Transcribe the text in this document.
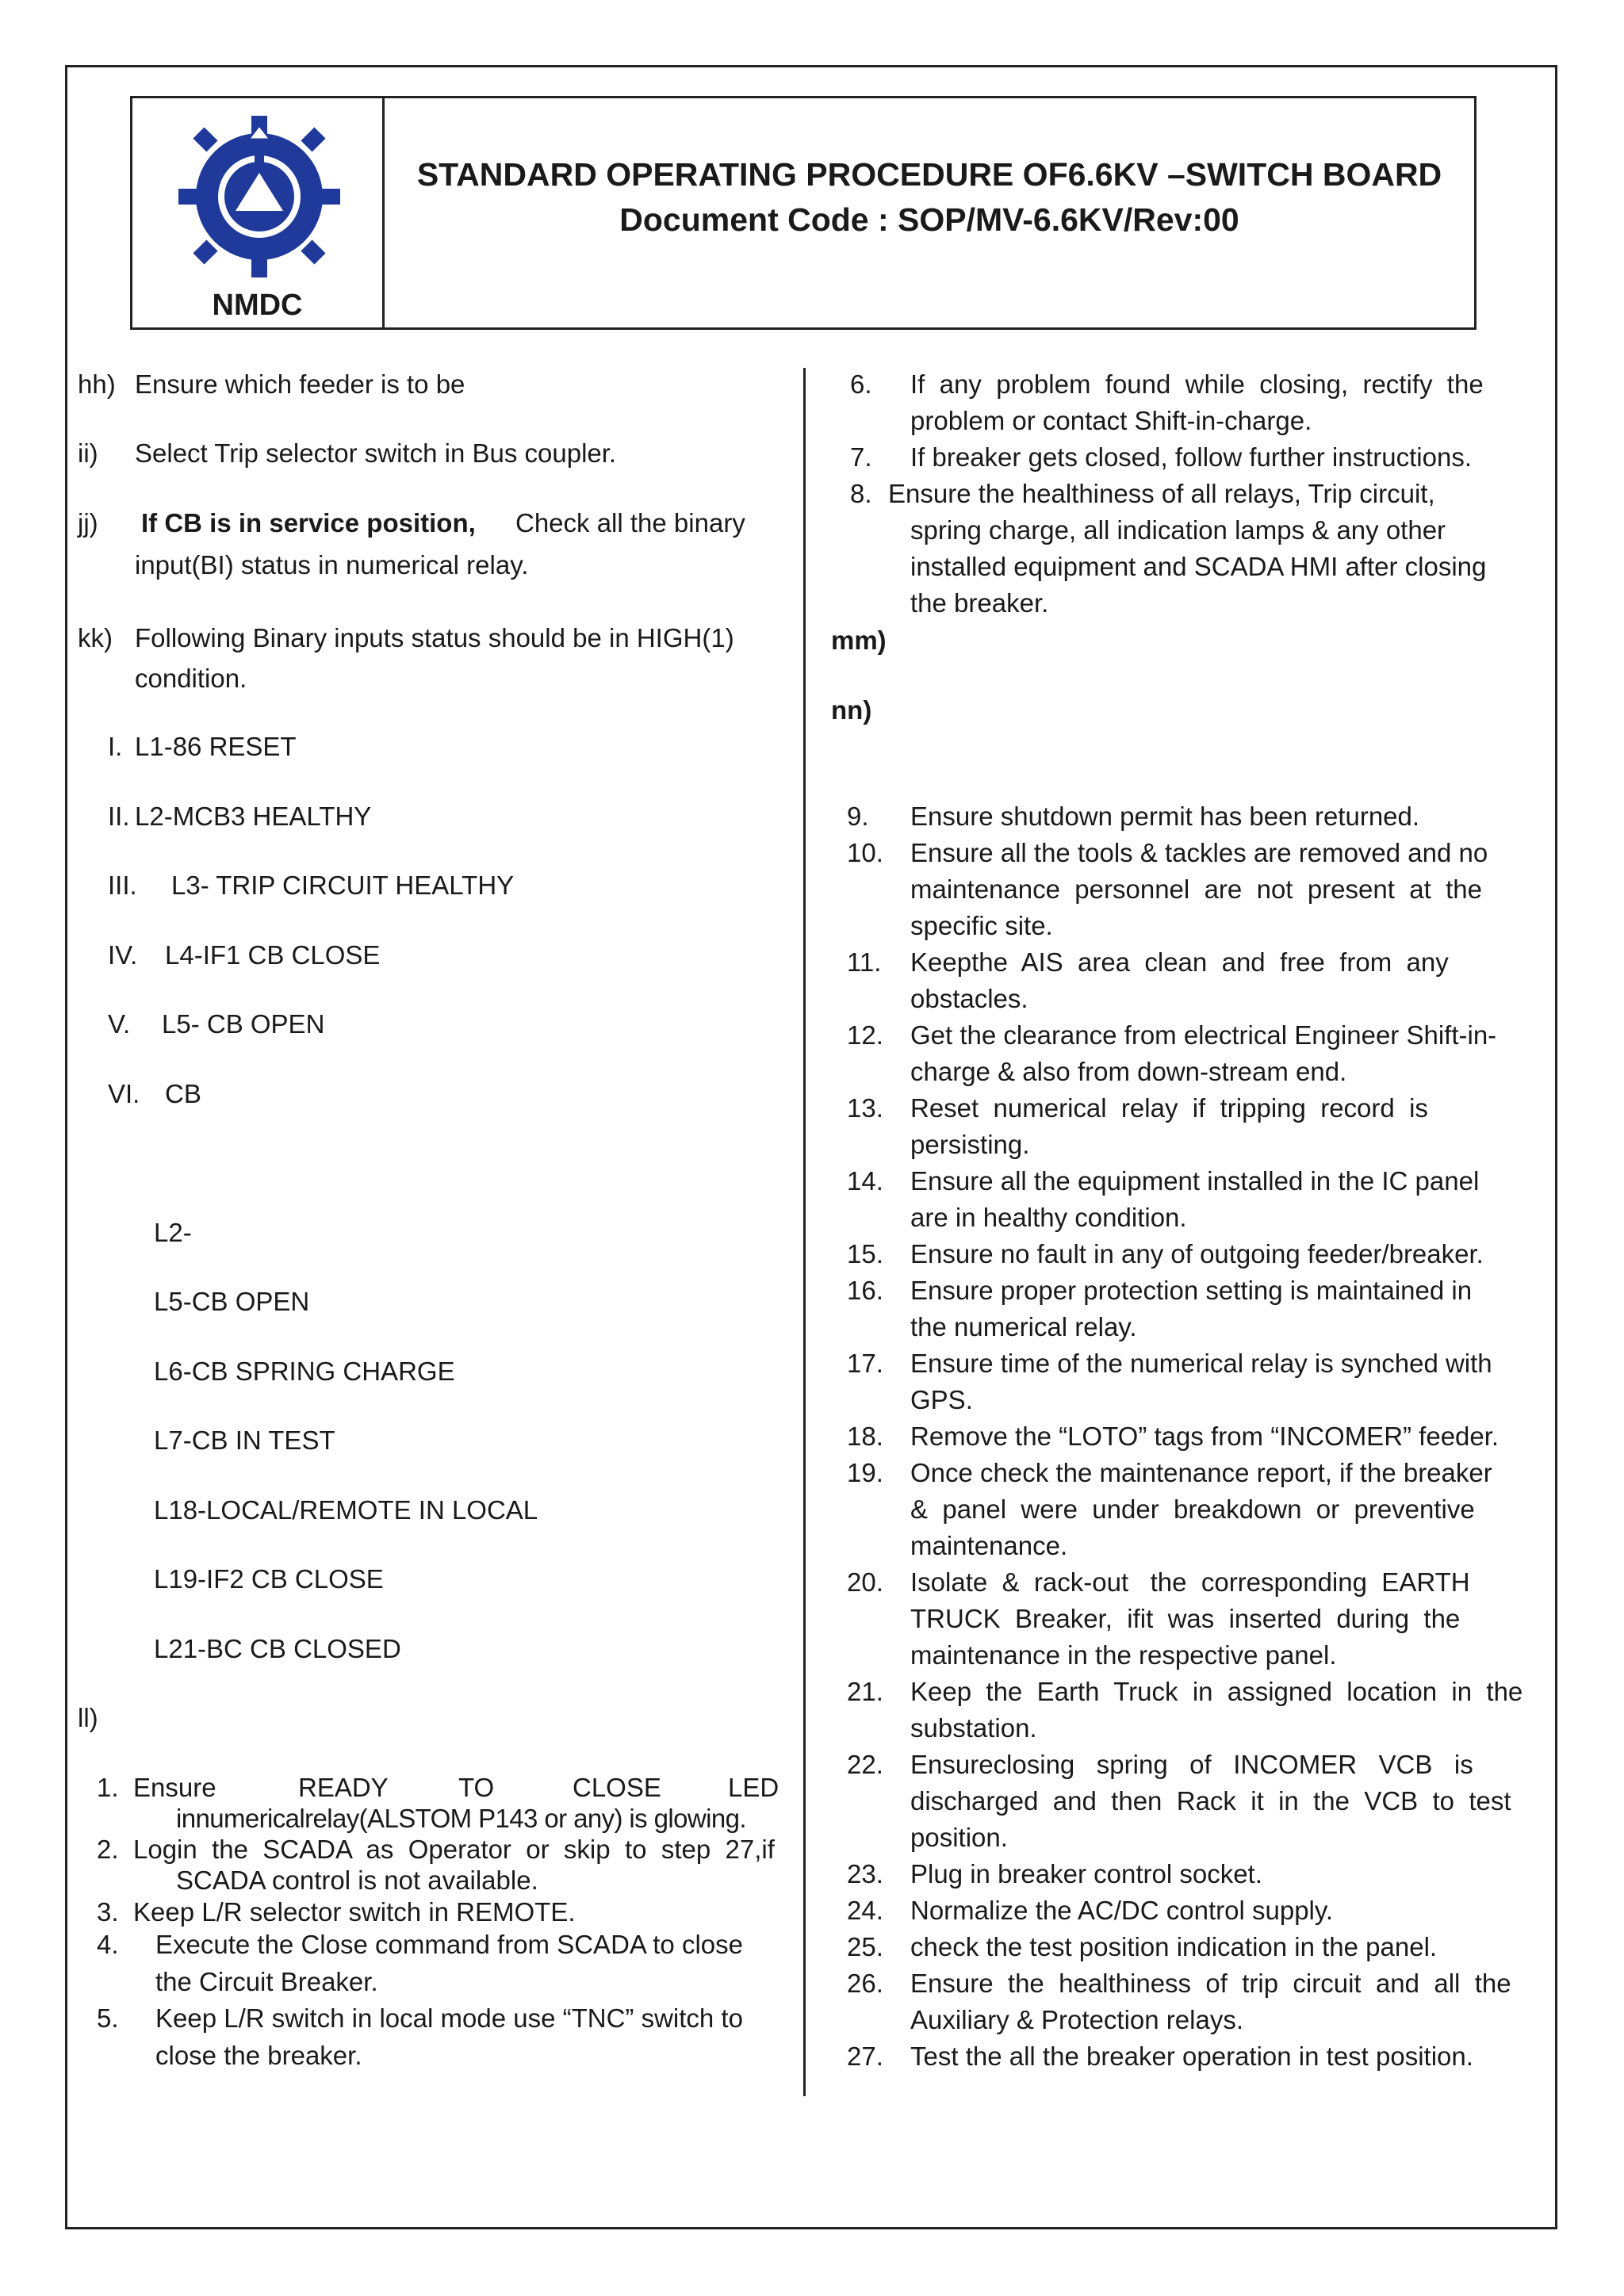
NMDC
STANDARD OPERATING PROCEDURE OF6.6KV –SWITCH BOARD
Document Code : SOP/MV-6.6KV/Rev:00
hh) Ensure which feeder is to be
ii) Select Trip selector switch in Bus coupler.
jj) If CB is in service position, Check all the binary
input(BI) status in numerical relay.
kk) Following Binary inputs status should be in HIGH(1)
condition.
I. L1-86 RESET
II. L2-MCB3 HEALTHY
III. L3- TRIP CIRCUIT HEALTHY
IV. L4-IF1 CB CLOSE
V. L5- CB OPEN
VI. CB
L2-
L5-CB OPEN
L6-CB SPRING CHARGE
L7-CB IN TEST
L18-LOCAL/REMOTE IN LOCAL
L19-IF2 CB CLOSE
L21-BC CB CLOSED
ll)
1. Ensure	READY	TO	CLOSE	LED
innumericalrelay(ALSTOM P143 or any) is glowing.
2. Login  the  SCADA  as  Operator  or  skip  to  step  27,if
SCADA control is not available.
3. Keep L/R selector switch in REMOTE.
4. Execute the Close command from SCADA to close
the Circuit Breaker.
5. Keep L/R switch in local mode use “TNC” switch to
close the breaker.
6. If  any  problem  found  while  closing,  rectify  the
problem or contact Shift-in-charge.
7. If breaker gets closed, follow further instructions.
8. Ensure the healthiness of all relays, Trip circuit,
spring charge, all indication lamps & any other
installed equipment and SCADA HMI after closing
the breaker.
mm)
nn)
9. Ensure shutdown permit has been returned.
10. Ensure all the tools & tackles are removed and no
maintenance  personnel  are  not  present  at  the
specific site.
11. Keepthe  AIS  area  clean  and  free  from  any
obstacles.
12. Get the clearance from electrical Engineer Shift-in-
charge & also from down-stream end.
13. Reset  numerical  relay  if  tripping  record  is
persisting.
14. Ensure all the equipment installed in the IC panel
are in healthy condition.
15. Ensure no fault in any of outgoing feeder/breaker.
16. Ensure proper protection setting is maintained in
the numerical relay.
17. Ensure time of the numerical relay is synched with
GPS.
18. Remove the “LOTO” tags from “INCOMER” feeder.
19. Once check the maintenance report, if the breaker
&  panel  were  under  breakdown  or  preventive
maintenance.
20. Isolate  &  rack-out   the  corresponding  EARTH
TRUCK  Breaker,  ifit  was  inserted  during  the
maintenance in the respective panel.
21. Keep  the  Earth  Truck  in  assigned  location  in  the
substation.
22. Ensureclosing   spring   of   INCOMER   VCB   is
discharged  and  then  Rack  it  in  the  VCB  to  test
position.
23. Plug in breaker control socket.
24. Normalize the AC/DC control supply.
25. check the test position indication in the panel.
26. Ensure  the  healthiness  of  trip  circuit  and  all  the
Auxiliary & Protection relays.
27. Test the all the breaker operation in test position.
